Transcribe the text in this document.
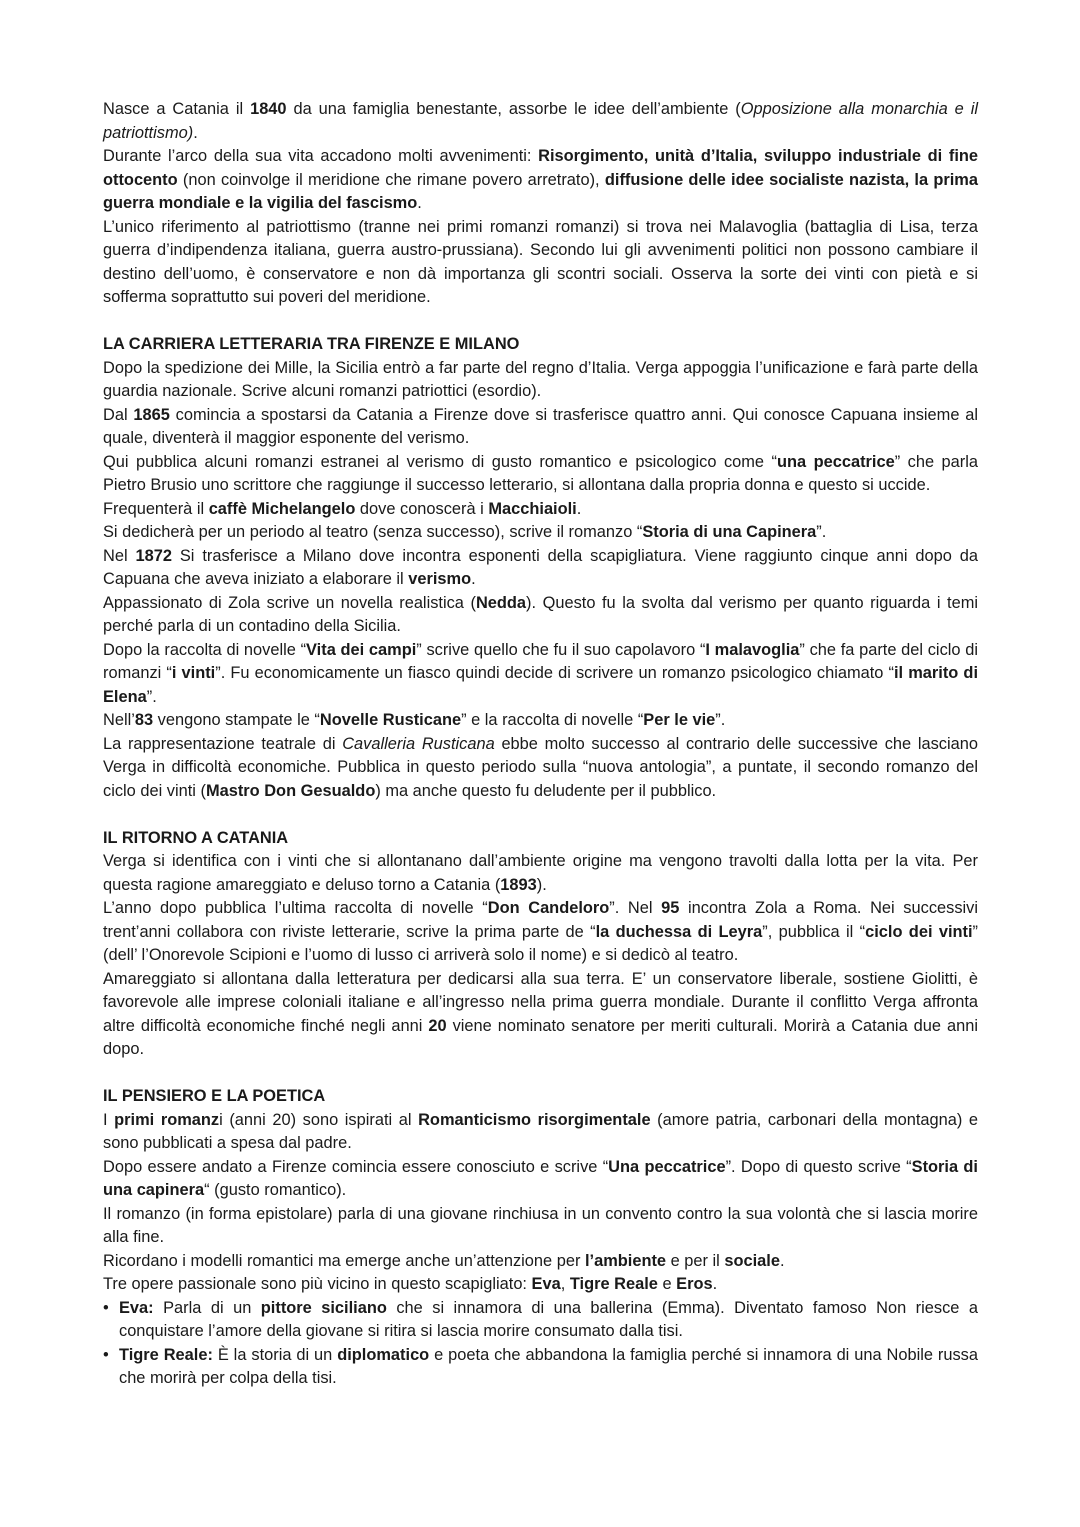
Nasce a Catania il 1840 da una famiglia benestante, assorbe le idee dell’ambiente (Opposizione alla monarchia e il patriottismo).

Durante l’arco della sua vita accadono molti avvenimenti: Risorgimento, unità d’Italia, sviluppo industriale di fine ottocento (non coinvolge il meridione che rimane povero arretrato), diffusione delle idee socialiste nazista, la prima guerra mondiale e la vigilia del fascismo.

L’unico riferimento al patriottismo (tranne nei primi romanzi romanzi) si trova nei Malavoglia (battaglia di Lisa, terza guerra d’indipendenza italiana, guerra austro-prussiana). Secondo lui gli avvenimenti politici non possono cambiare il destino dell’uomo, è conservatore e non dà importanza gli scontri sociali. Osserva la sorte dei vinti con pietà e si sofferma soprattutto sui poveri del meridione.

LA CARRIERA LETTERARIA TRA FIRENZE E MILANO

Dopo la spedizione dei Mille, la Sicilia entrò a far parte del regno d’Italia. Verga appoggia l’unificazione e farà parte della guardia nazionale. Scrive alcuni romanzi patriottici (esordio).

Dal 1865 comincia a spostarsi da Catania a Firenze dove si trasferisce quattro anni. Qui conosce Capuana insieme al quale, diventerà il maggior esponente del verismo.

Qui pubblica alcuni romanzi estranei al verismo di gusto romantico e psicologico come “una peccatrice” che parla Pietro Brusio uno scrittore che raggiunge il successo letterario, si allontana dalla propria donna e questo si uccide.

Frequenterà il caffè Michelangelo dove conoscerà i Macchiaioli.

Si dedicherà per un periodo al teatro (senza successo), scrive il romanzo “Storia di una Capinera”.

Nel 1872 Si trasferisce a Milano dove incontra esponenti della scapigliatura. Viene raggiunto cinque anni dopo da Capuana che aveva iniziato a elaborare il verismo.

Appassionato di Zola scrive un novella realistica (Nedda). Questo fu la svolta dal verismo per quanto riguarda i temi perché parla di un contadino della Sicilia.

Dopo la raccolta di novelle “Vita dei campi” scrive quello che fu il suo capolavoro “I malavoglia” che fa parte del ciclo di romanzi “i vinti”. Fu economicamente un fiasco quindi decide di scrivere un romanzo psicologico chiamato “il marito di Elena”.

Nell’83 vengono stampate le “Novelle Rusticane” e la raccolta di novelle “Per le vie”.

La rappresentazione teatrale di Cavalleria Rusticana ebbe molto successo al contrario delle successive che lasciano Verga in difficoltà economiche. Pubblica in questo periodo sulla “nuova antologia”, a puntate, il secondo romanzo del ciclo dei vinti (Mastro Don Gesualdo) ma anche questo fu deludente per il pubblico.

IL RITORNO A CATANIA

Verga si identifica con i vinti che si allontanano dall’ambiente origine ma vengono travolti dalla lotta per la vita. Per questa ragione amareggiato e deluso torno a Catania (1893).

L’anno dopo pubblica l’ultima raccolta di novelle “Don Candeloro”. Nel 95 incontra Zola a Roma. Nei successivi trent’anni collabora con riviste letterarie, scrive la prima parte de “la duchessa di Leyra”, pubblica il “ciclo dei vinti” (dell’ l’Onorevole Scipioni e l’uomo di lusso ci arriverà solo il nome) e si dedicò al teatro.

Amareggiato si allontana dalla letteratura per dedicarsi alla sua terra. E’ un conservatore liberale, sostiene Giolitti, è favorevole alle imprese coloniali italiane e all’ingresso nella prima guerra mondiale. Durante il conflitto Verga affronta altre difficoltà economiche finché negli anni 20 viene nominato senatore per meriti culturali. Morirà a Catania due anni dopo.

IL PENSIERO E LA POETICA

I primi romanzi (anni 20) sono ispirati al Romanticismo risorgimentale (amore patria, carbonari della montagna) e sono pubblicati a spesa dal padre.

Dopo essere andato a Firenze comincia essere conosciuto e scrive “Una peccatrice”. Dopo di questo scrive “Storia di una capinera“ (gusto romantico).

Il romanzo (in forma epistolare) parla di una giovane rinchiusa in un convento contro la sua volontà che si lascia morire alla fine.

Ricordano i modelli romantici ma emerge anche un’attenzione per l’ambiente e per il sociale.

Tre opere passionale sono più vicino in questo scapigliato: Eva, Tigre Reale e Eros.

• Eva: Parla di un pittore siciliano che si innamora di una ballerina (Emma). Diventato famoso Non riesce a conquistare l’amore della giovane si ritira si lascia morire consumato dalla tisi.
• Tigre Reale: È la storia di un diplomatico e poeta che abbandona la famiglia perché si innamora di una Nobile russa che morirà per colpa della tisi.
